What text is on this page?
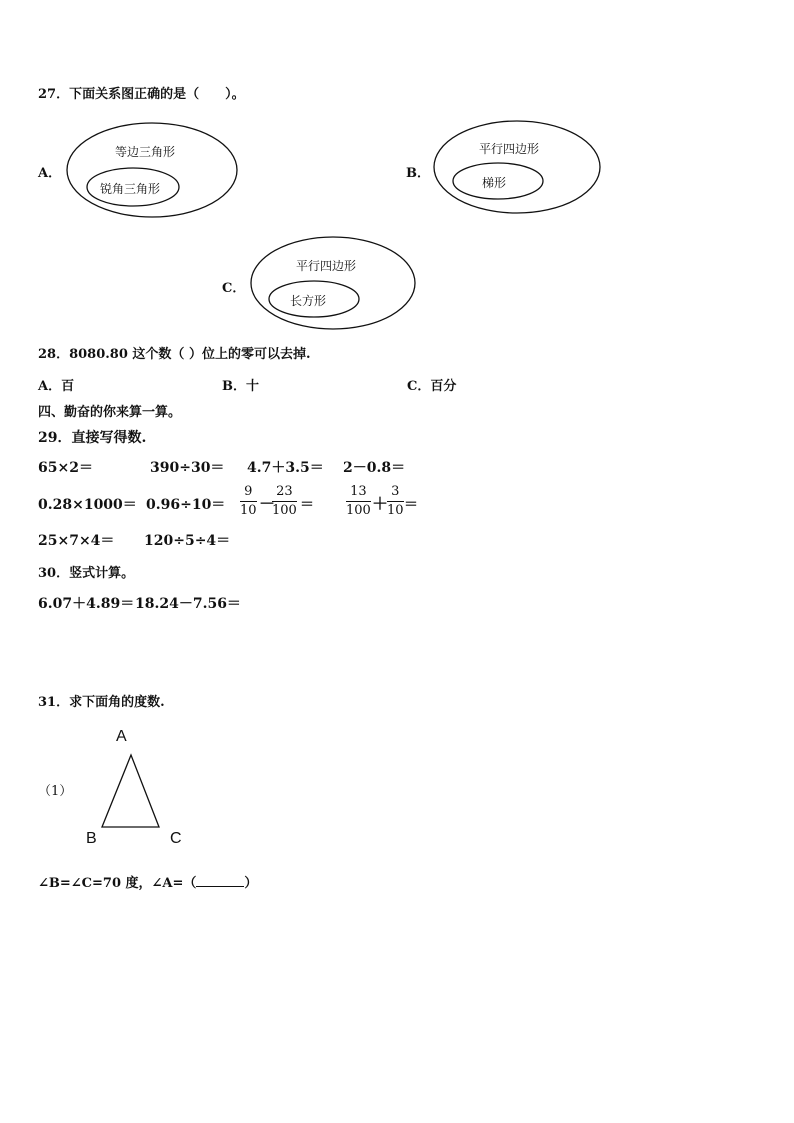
27．下面关系图正确的是（　　）。
A．
等边三角形
锐角三角形
B．
平行四边形
梯形
C．
平行四边形
长方形
28．8080.80 这个数（ ）位上的零可以去掉.
A．百	B．十	C．百分
四、勤奋的你来算一算。
29．直接写得数.
65×2＝	390÷30＝ 4.7＋3.5＝ 2－0.8＝
0.28×1000＝ 0.96÷10＝
9
10 －
23
100 ＝
13
100 ＋
3
10 ＝
25×7×4＝ 120÷5÷4＝
30．竖式计算。
6.07＋4.89＝ 18.24－7.56＝
31．求下面角的度数.
（1）
A
B	C
∠B=∠C=70 度，∠A=（	）
